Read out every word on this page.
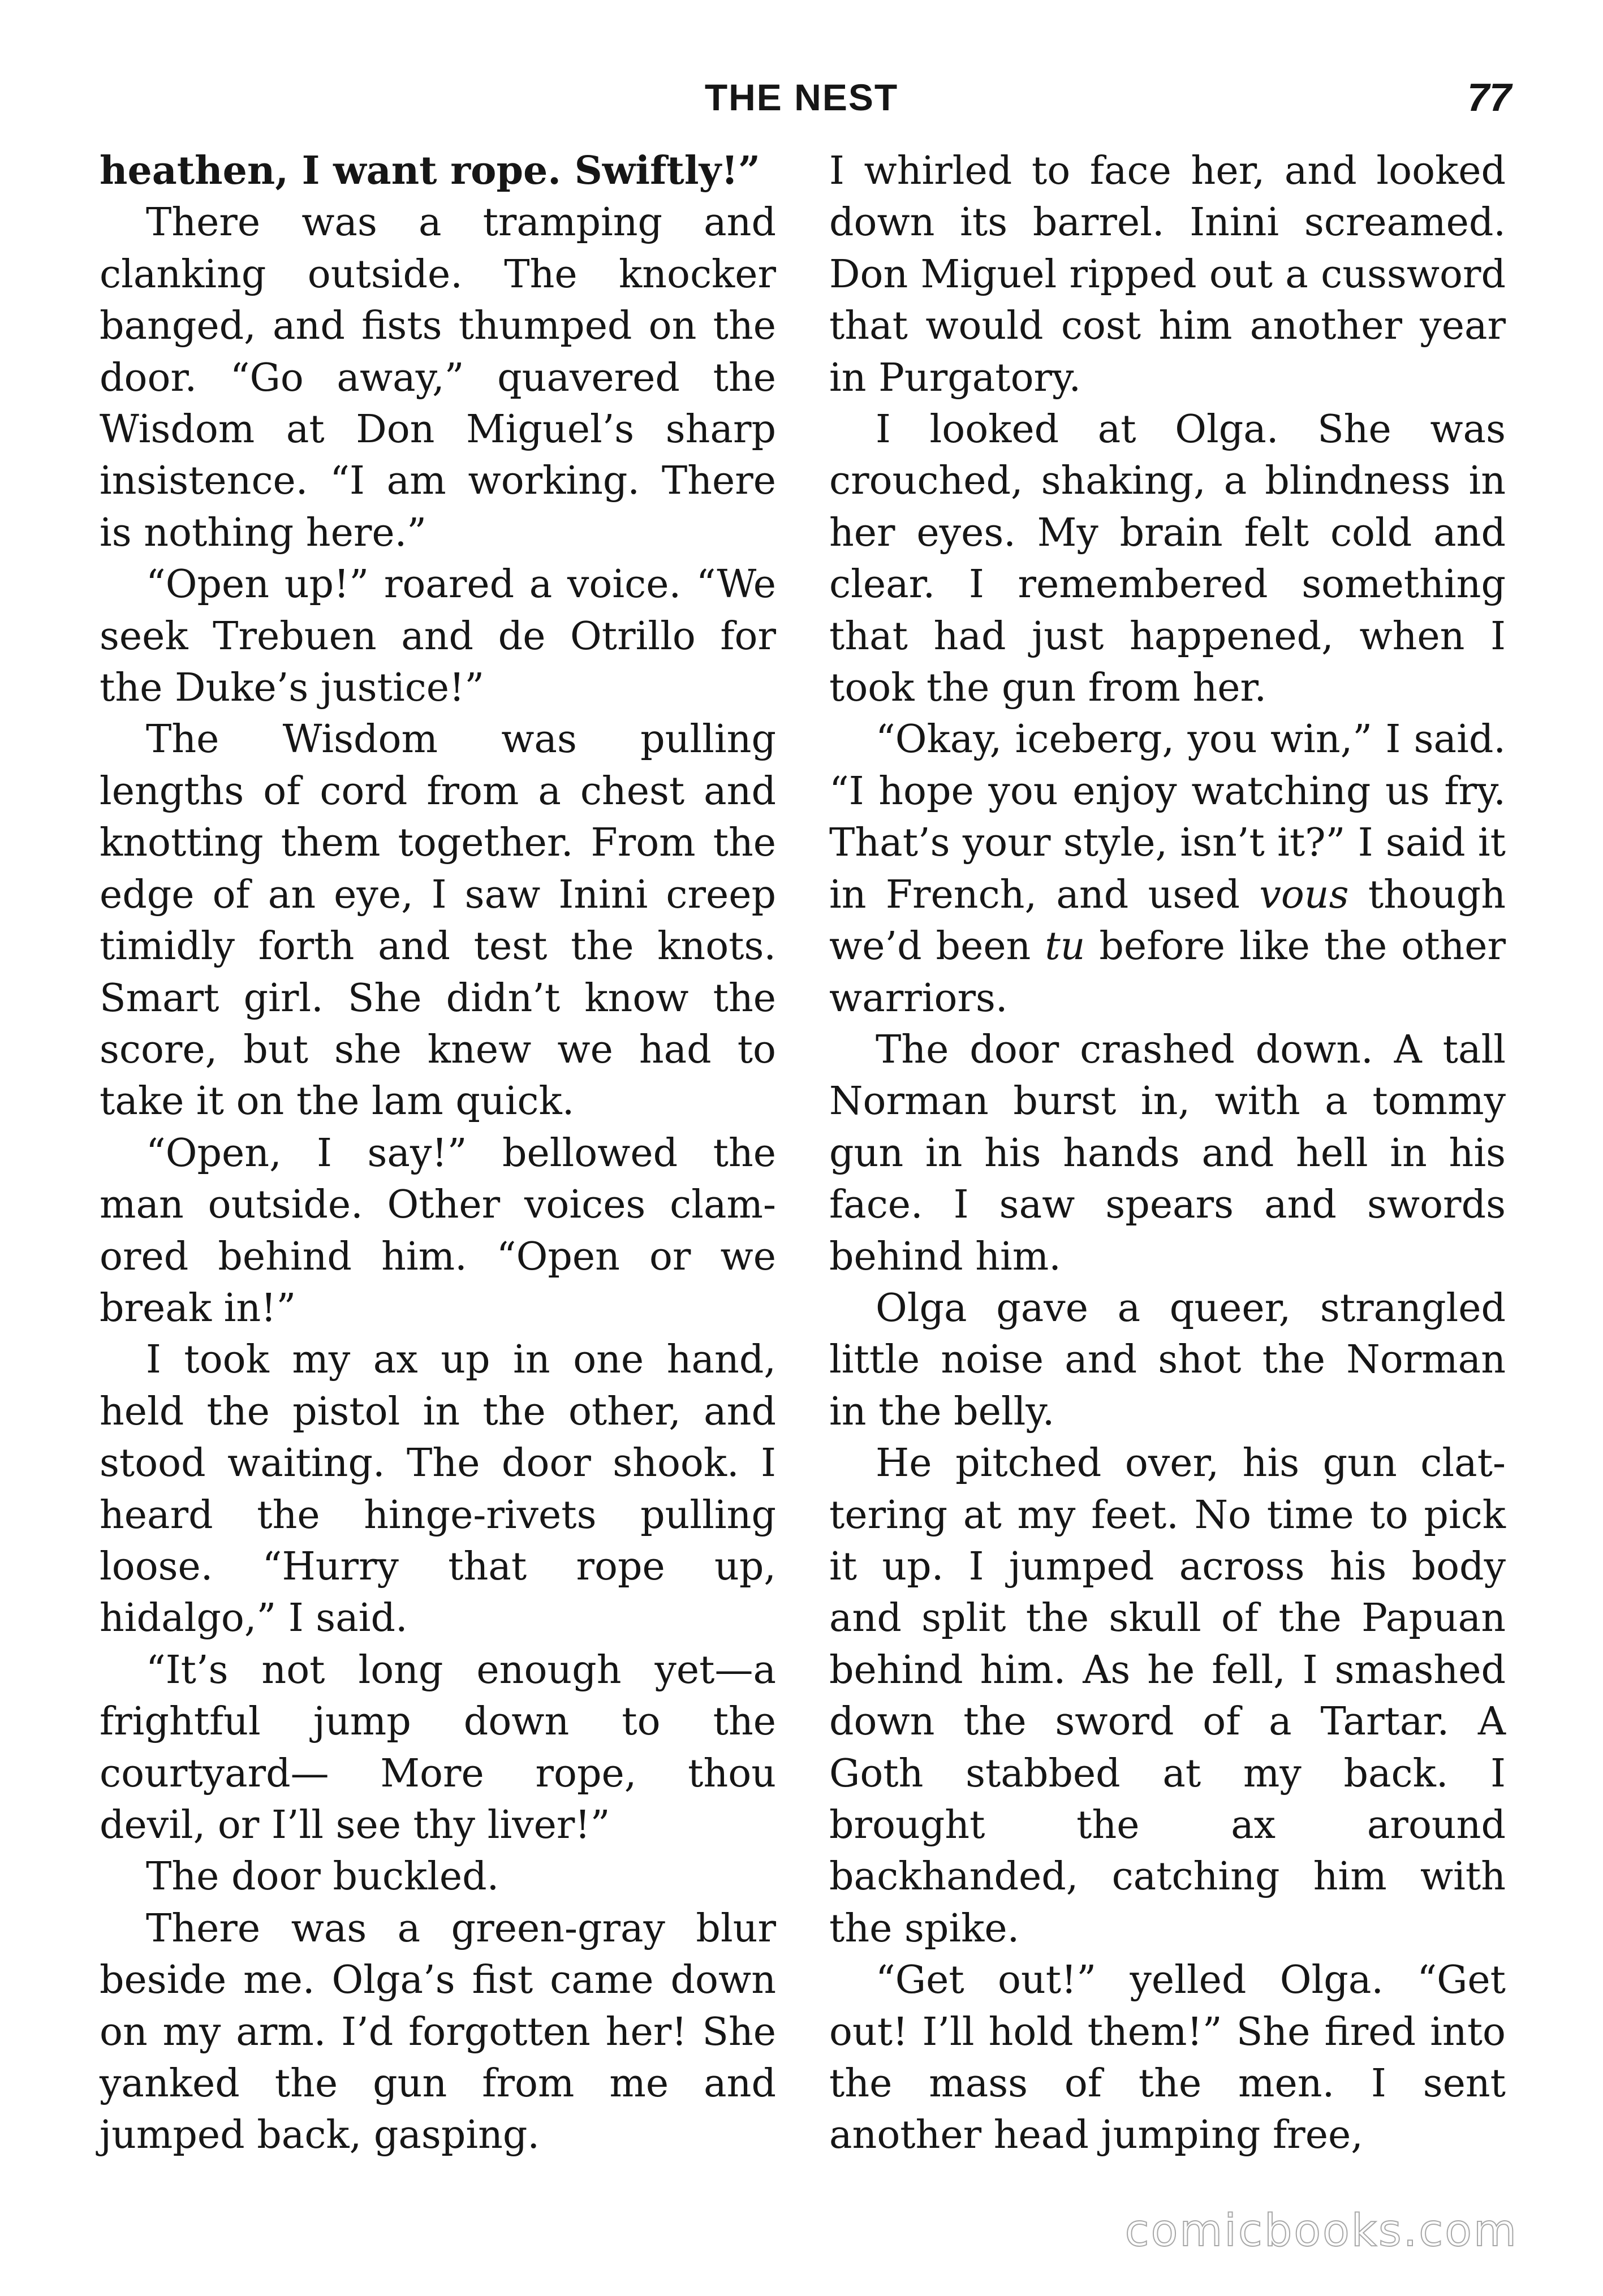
THE NEST	77

heathen, I want rope. Swiftly!”

There was a tramping and clanking outside. The knocker banged, and fists thumped on the door. “Go away,” quavered the Wisdom at Don Miguel’s sharp insistence. “I am working. There is nothing here.”

“Open up!” roared a voice. “We seek Trebuen and de Otrillo for the Duke’s justice!”

The Wisdom was pulling lengths of cord from a chest and knotting them together. From the edge of an eye, I saw Inini creep timidly forth and test the knots. Smart girl. She didn’t know the score, but she knew we had to take it on the lam quick.

“Open, I say!” bellowed the man outside. Other voices clamored behind him. “Open or we break in!”

I took my ax up in one hand, held the pistol in the other, and stood waiting. The door shook. I heard the hinge-rivets pulling loose. “Hurry that rope up, hidalgo,” I said.

“It’s not long enough yet—a frightful jump down to the courtyard— More rope, thou devil, or I’ll see thy liver!”

The door buckled.

There was a green-gray blur beside me. Olga’s fist came down on my arm. I’d forgotten her! She yanked the gun from me and jumped back, gasping.

I whirled to face her, and looked down its barrel. Inini screamed. Don Miguel ripped out a cussword that would cost him another year in Purgatory.

I looked at Olga. She was crouched, shaking, a blindness in her eyes. My brain felt cold and clear. I remembered something that had just happened, when I took the gun from her.

“Okay, iceberg, you win,” I said. “I hope you enjoy watching us fry. That’s your style, isn’t it?” I said it in French, and used vous though we’d been tu before like the other warriors.

The door crashed down. A tall Norman burst in, with a tommy gun in his hands and hell in his face. I saw spears and swords behind him.

Olga gave a queer, strangled little noise and shot the Norman in the belly.

He pitched over, his gun clattering at my feet. No time to pick it up. I jumped across his body and split the skull of the Papuan behind him. As he fell, I smashed down the sword of a Tartar. A Goth stabbed at my back. I brought the ax around backhanded, catching him with the spike.

“Get out!” yelled Olga. “Get out! I’ll hold them!” She fired into the mass of the men. I sent another head jumping free,

comicbooks.com
